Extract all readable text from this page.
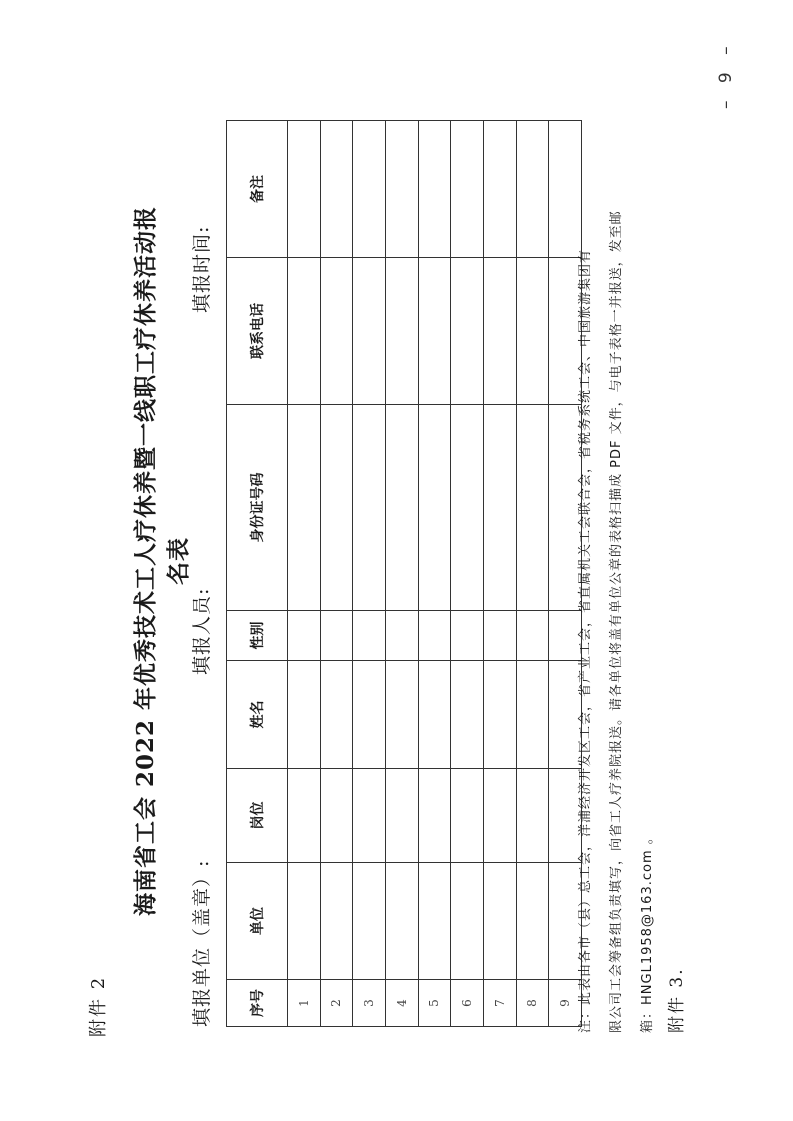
– 9 –
附件 2
海南省工会 2022 年优秀技术工人疗休养暨一线职工疗休养活动报名表
填报单位（盖章）:
填报人员:
填报时间:
序号	单位	岗位	姓名	性别	身份证号码	联系电话	备注
1							
2							
3							
4							
5							
6							
7							
8							
9							注：此表由各市（县）总工会，洋浦经济开发区工会，省产业工会，省直属机关工会联合会，省税务系统工会、中国旅游集团有	限公司工会筹备组负责填写，向省工人疗养院报送。请各单位将盖有单位公章的表格扫描成 PDF 文件，与电子表格一并报送，发至邮	箱：HNGL1958@163.com 。 附件 3.
